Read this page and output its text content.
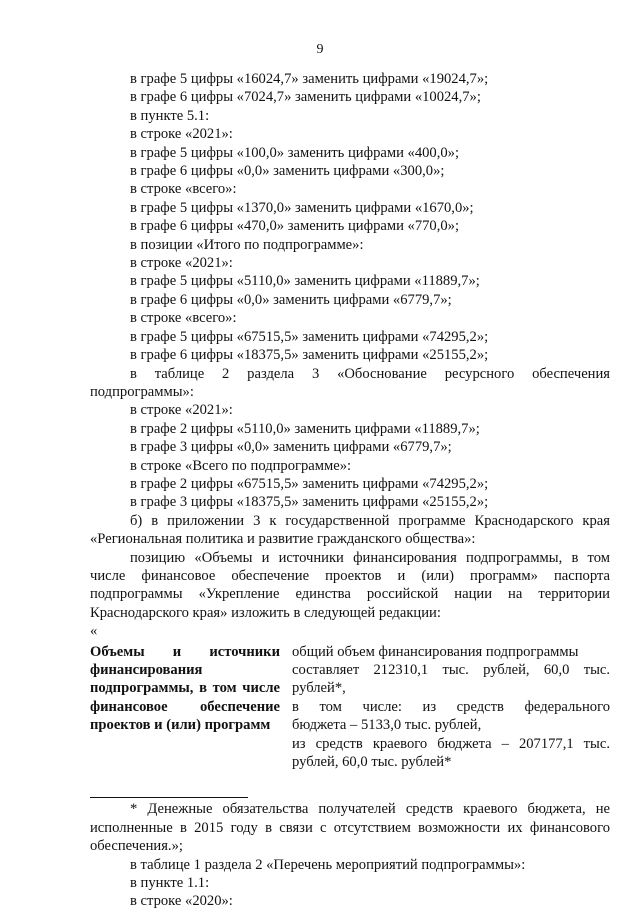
9
в графе 5 цифры «16024,7» заменить цифрами «19024,7»;
в графе 6 цифры «7024,7» заменить цифрами «10024,7»;
в пункте 5.1:
в строке «2021»:
в графе 5 цифры «100,0» заменить цифрами «400,0»;
в графе 6 цифры «0,0» заменить цифрами «300,0»;
в строке «всего»:
в графе 5 цифры «1370,0» заменить цифрами «1670,0»;
в графе 6 цифры «470,0» заменить цифрами «770,0»;
в позиции «Итого по подпрограмме»:
в строке «2021»:
в графе 5 цифры «5110,0» заменить цифрами «11889,7»;
в графе 6 цифры «0,0» заменить цифрами «6779,7»;
в строке «всего»:
в графе 5 цифры «67515,5» заменить цифрами «74295,2»;
в графе 6 цифры «18375,5» заменить цифрами «25155,2»;
в таблице 2 раздела 3 «Обоснование ресурсного обеспечения
подпрограммы»:
в строке «2021»:
в графе 2 цифры «5110,0» заменить цифрами «11889,7»;
в графе 3 цифры «0,0» заменить цифрами «6779,7»;
в строке «Всего по подпрограмме»:
в графе 2 цифры «67515,5» заменить цифрами «74295,2»;
в графе 3 цифры «18375,5» заменить цифрами «25155,2»;
б) в приложении 3 к государственной программе Краснодарского края
«Региональная политика и развитие гражданского общества»:
позицию «Объемы и источники финансирования подпрограммы, в том
числе финансовое обеспечение проектов и (или) программ» паспорта
подпрограммы «Укрепление единства российской нации на территории
Краснодарского края» изложить в следующей редакции:
«
Объемы и источники
финансирования
подпрограммы, в том числе
финансовое обеспечение
проектов и (или) программ
общий объем финансирования подпрограммы
составляет 212310,1 тыс. рублей, 60,0 тыс.
рублей*,
в том числе: из средств федерального
бюджета – 5133,0 тыс. рублей,
из средств краевого бюджета – 207177,1 тыс.
рублей, 60,0 тыс. рублей*
* Денежные обязательства получателей средств краевого бюджета, не
исполненные в 2015 году в связи с отсутствием возможности их финансового
обеспечения.»;
в таблице 1 раздела 2 «Перечень мероприятий подпрограммы»:
в пункте 1.1:
в строке «2020»:
